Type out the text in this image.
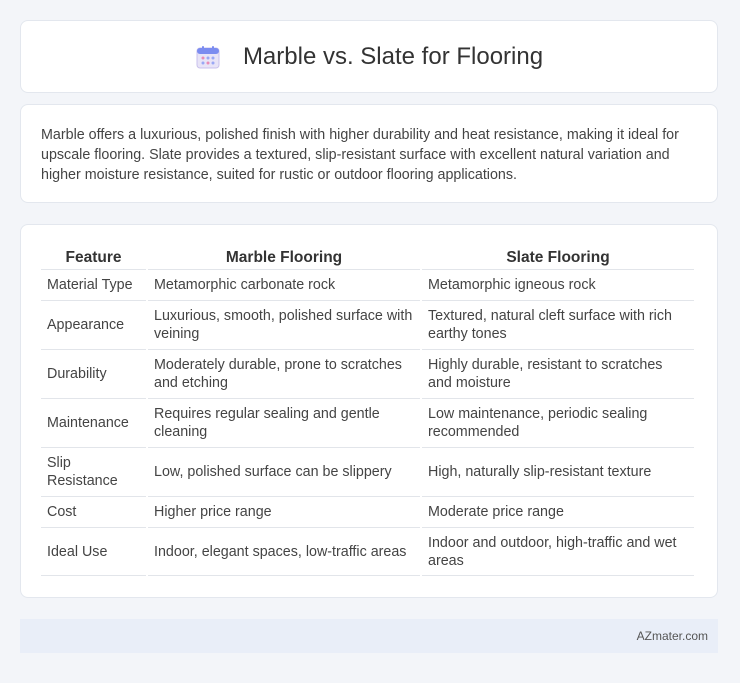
Marble vs. Slate for Flooring

Marble offers a luxurious, polished finish with higher durability and heat resistance, making it ideal for upscale flooring. Slate provides a textured, slip-resistant surface with excellent natural variation and higher moisture resistance, suited for rustic or outdoor flooring applications.

Feature	Marble Flooring	Slate Flooring
Material Type	Metamorphic carbonate rock	Metamorphic igneous rock
Appearance	Luxurious, smooth, polished surface with veining	Textured, natural cleft surface with rich earthy tones
Durability	Moderately durable, prone to scratches and etching	Highly durable, resistant to scratches and moisture
Maintenance	Requires regular sealing and gentle cleaning	Low maintenance, periodic sealing recommended
Slip Resistance	Low, polished surface can be slippery	High, naturally slip-resistant texture
Cost	Higher price range	Moderate price range
Ideal Use	Indoor, elegant spaces, low-traffic areas	Indoor and outdoor, high-traffic and wet areas
AZmater.com
